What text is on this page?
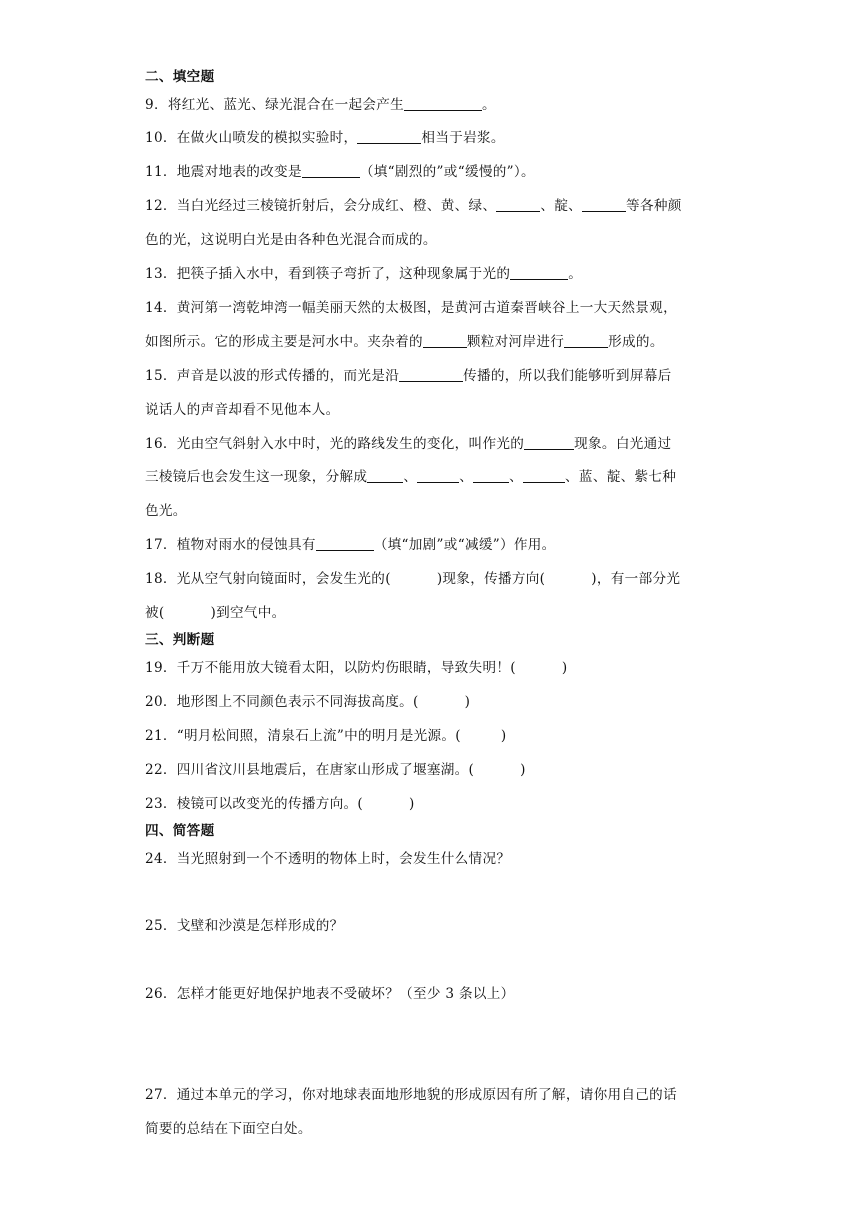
二、填空题
9．将红光、蓝光、绿光混合在一起会产生	。
10．在做火山喷发的模拟实验时，	相当于岩浆。
11．地震对地表的改变是	（填“剧烈的”或“缓慢的”）。
12．当白光经过三棱镜折射后，会分成红、橙、黄、绿、	、靛、	等各种颜
色的光，这说明白光是由各种色光混合而成的。
13．把筷子插入水中，看到筷子弯折了，这种现象属于光的	。
14．黄河第一湾乾坤湾一幅美丽天然的太极图，是黄河古道秦晋峡谷上一大天然景观，
如图所示。它的形成主要是河水中。夹杂着的	颗粒对河岸进行	形成的。
15．声音是以波的形式传播的，而光是沿	传播的，所以我们能够听到屏幕后
说话人的声音却看不见他本人。
16．光由空气斜射入水中时，光的路线发生的变化，叫作光的	现象。白光通过
三棱镜后也会发生这一现象，分解成	、	、	、	、蓝、靛、紫七种
色光。
17．植物对雨水的侵蚀具有	（填“加剧”或“减缓”）作用。
18．光从空气射向镜面时，会发生光的(	)现象，传播方向(	)，有一部分光
被(	)到空气中。
三、判断题
19．千万不能用放大镜看太阳，以防灼伤眼睛，导致失明！(	)
20．地形图上不同颜色表示不同海拔高度。(	)
21．“明月松间照，清泉石上流”中的明月是光源。(	)
22．四川省汶川县地震后，在唐家山形成了堰塞湖。(	)
23．棱镜可以改变光的传播方向。(	)
四、简答题
24．当光照射到一个不透明的物体上时，会发生什么情况？
25．戈壁和沙漠是怎样形成的？
26．怎样才能更好地保护地表不受破坏？（至少 3 条以上）
27．通过本单元的学习，你对地球表面地形地貌的形成原因有所了解，请你用自己的话
简要的总结在下面空白处。
